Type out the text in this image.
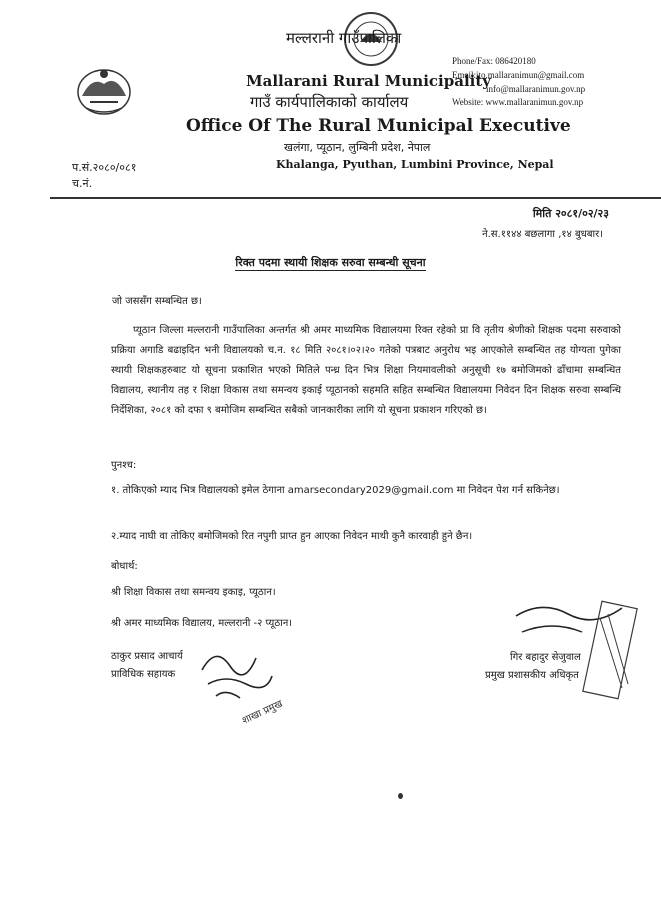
मल्लरानी गाउँपालिका
Mallarani Rural Municipality
गाउँ कार्यपालिकाको कार्यालय
Office Of The Rural Municipal Executive
खलंगा, प्यूठान, लुम्बिनी प्रदेश, नेपाल
Khalanga, Pyuthan, Lumbini Province, Nepal
Phone/Fax: 086420180
Email:ito.mallaranimun@gmail.com
info@mallaranimun.gov.np
Website: www.mallaranimun.gov.np
प.सं.२०८०/०८१
च.नं.
मिति २०८१/०२/२३
ने.स.११४४ बछलागा ,१४ बुधबार।
रिक्त पदमा स्थायी शिक्षक सरुवा सम्बन्धी सूचना
जो जससँग सम्बन्धित छ।
प्यूठान जिल्ला मल्लरानी गाउँपालिका अन्तर्गत श्री अमर माध्यमिक विद्यालयमा रिक्त रहेको प्रा वि तृतीय श्रेणीको शिक्षक पदमा सरुवाको प्रक्रिया अगाडि बढाइदिन भनी विद्यालयको च.न. १८ मिति २०८१।०२।२० गतेको पत्रबाट अनुरोध भइ आएकोले सम्बन्धित तह योग्यता पुगेका स्थायी शिक्षकहरुबाट यो सूचना प्रकाशित भएको मितिले पन्ध्र दिन भित्र शिक्षा नियमावलीको अनुसूची १७ बमोजिमको ढाँचामा सम्बन्धित विद्यालय, स्थानीय तह र शिक्षा विकास तथा समन्वय इकाई प्यूठानको सहमति सहित सम्बन्धित विद्यालयमा निवेदन दिन शिक्षक सरुवा सम्बन्धि निर्देशिका, २०८१ को दफा ९ बमोजिम सम्बन्धित सबैको जानकारीका लागि यो सूचना प्रकाशन गरिएको छ।
पुनश्च:
१. तोकिएको म्याद भित्र विद्यालयको इमेल ठेगाना amarsecondary2029@gmail.com मा निवेदन पेश गर्न सकिनेछ।
२.म्याद नाघी वा तोकिए बमोजिमको रित नपुगी प्राप्त हुन आएका निवेदन माथी कुनै कारवाही हुने छैन।
बोधार्थ:
श्री शिक्षा विकास तथा समन्वय इकाइ, प्यूठान।
श्री अमर माध्यमिक विद्यालय, मल्लरानी -२ प्यूठान।
ठाकुर प्रसाद आचार्य
प्राविधिक सहायक
शाखा प्रमुख
गिर बहादुर सेजुवाल
प्रमुख प्रशासकीय अधिकृत
